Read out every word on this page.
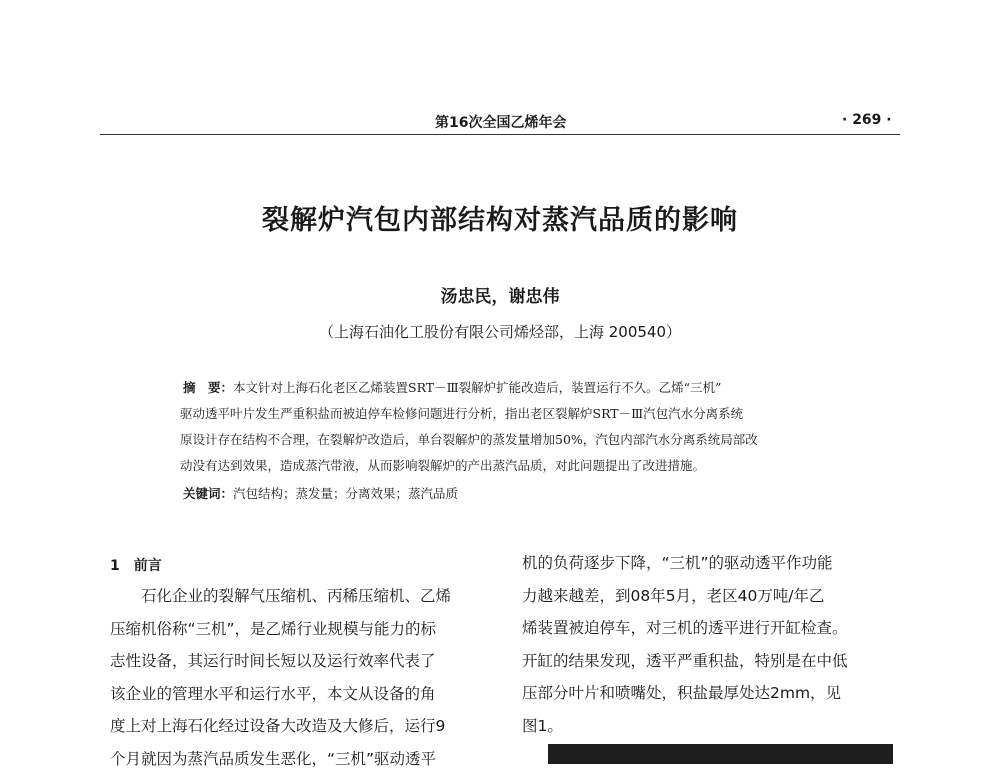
第16次全国乙烯年会	· 269 ·
裂解炉汽包内部结构对蒸汽品质的影响
汤忠民，谢忠伟
（上海石油化工股份有限公司烯烃部，上海 200540）
摘　要：本文针对上海石化老区乙烯装置SRT－Ⅲ裂解炉扩能改造后，装置运行不久。乙烯“三机”
驱动透平叶片发生严重积盐而被迫停车检修问题进行分析，指出老区裂解炉SRT－Ⅲ汽包汽水分离系统
原设计存在结构不合理，在裂解炉改造后，单台裂解炉的蒸发量增加50%，汽包内部汽水分离系统局部改
动没有达到效果，造成蒸汽带液，从而影响裂解炉的产出蒸汽品质，对此问题提出了改进措施。
关键词：汽包结构；蒸发量；分离效果；蒸汽品质
1　前言
　　石化企业的裂解气压缩机、丙稀压缩机、乙烯
压缩机俗称“三机”，是乙烯行业规模与能力的标
志性设备，其运行时间长短以及运行效率代表了
该企业的管理水平和运行水平，本文从设备的角
度上对上海石化经过设备大改造及大修后，运行9
个月就因为蒸汽品质发生恶化，“三机”驱动透平
机的负荷逐步下降，“三机”的驱动透平作功能
力越来越差，到08年5月，老区40万吨/年乙
烯装置被迫停车，对三机的透平进行开缸检查。
开缸的结果发现，透平严重积盐，特别是在中低
压部分叶片和喷嘴处，积盐最厚处达2mm，见
图1。
